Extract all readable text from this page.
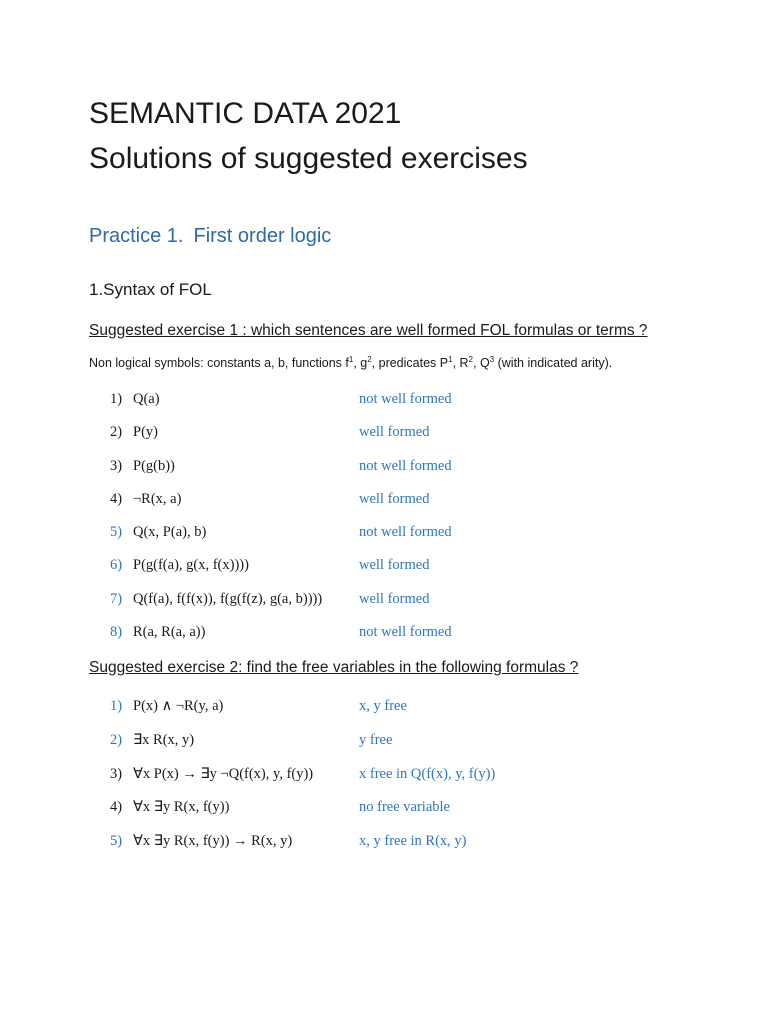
SEMANTIC DATA 2021
Solutions of suggested exercises
Practice 1. First order logic
1.Syntax of FOL
Suggested exercise 1 : which sentences are well formed FOL formulas or terms ?
Non logical symbols: constants a, b, functions $f^1$, $g^2$, predicates $P^1$, $R^2$, $Q^3$ (with indicated arity).
1) Q(a)	not well formed
2) P(y)	well formed
3) P(g(b))	not well formed
4) ¬R(x, a)	well formed
5) Q(x, P(a), b)	not well formed
6) P(g(f(a), g(x, f(x))))	well formed
7) Q(f(a), f(f(x)), f(g(f(z), g(a, b))))	well formed
8) R(a, R(a, a))	not well formed
Suggested exercise 2: find the free variables in the following formulas ?
1) P(x) ∧ ¬R(y, a)	x, y free
2) ∃x R(x, y)	y free
3) ∀x P(x) → ∃y ¬Q(f(x), y, f(y))	x free in Q(f(x), y, f(y))
4) ∀x ∃y R(x, f(y))	no free variable
5) ∀x ∃y R(x, f(y)) → R(x, y)	x, y free in R(x, y)
